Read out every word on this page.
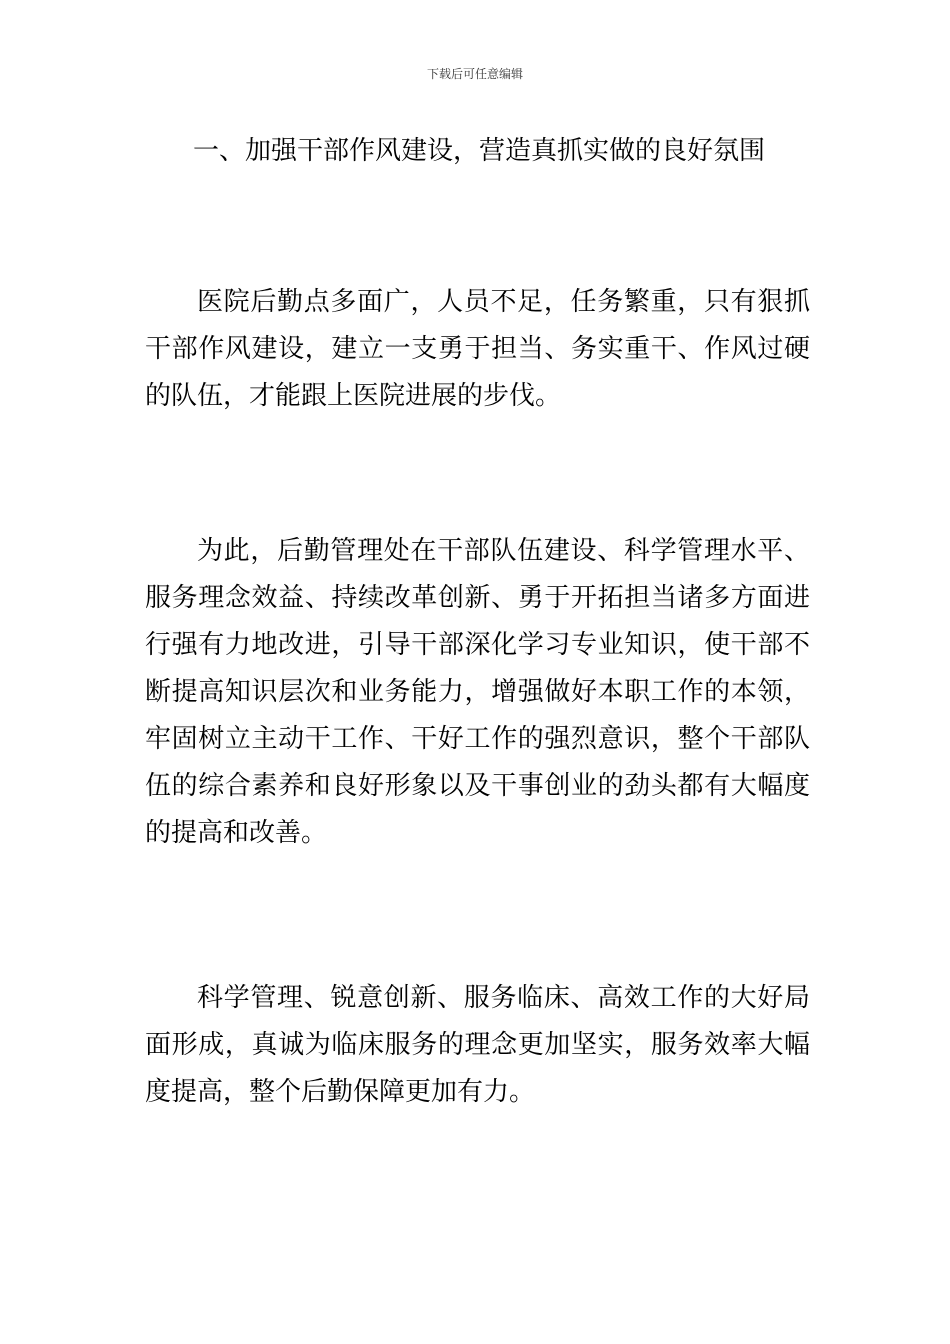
下载后可任意编辑
一、加强干部作风建设，营造真抓实做的良好氛围

医院后勤点多面广，人员不足，任务繁重，只有狠抓干部作风建设，建立一支勇于担当、务实重干、作风过硬的队伍，才能跟上医院进展的步伐。

为此，后勤管理处在干部队伍建设、科学管理水平、服务理念效益、持续改革创新、勇于开拓担当诸多方面进行强有力地改进，引导干部深化学习专业知识，使干部不断提高知识层次和业务能力，增强做好本职工作的本领，牢固树立主动干工作、干好工作的强烈意识，整个干部队伍的综合素养和良好形象以及干事创业的劲头都有大幅度的提高和改善。

科学管理、锐意创新、服务临床、高效工作的大好局面形成，真诚为临床服务的理念更加坚实，服务效率大幅度提高，整个后勤保障更加有力。
